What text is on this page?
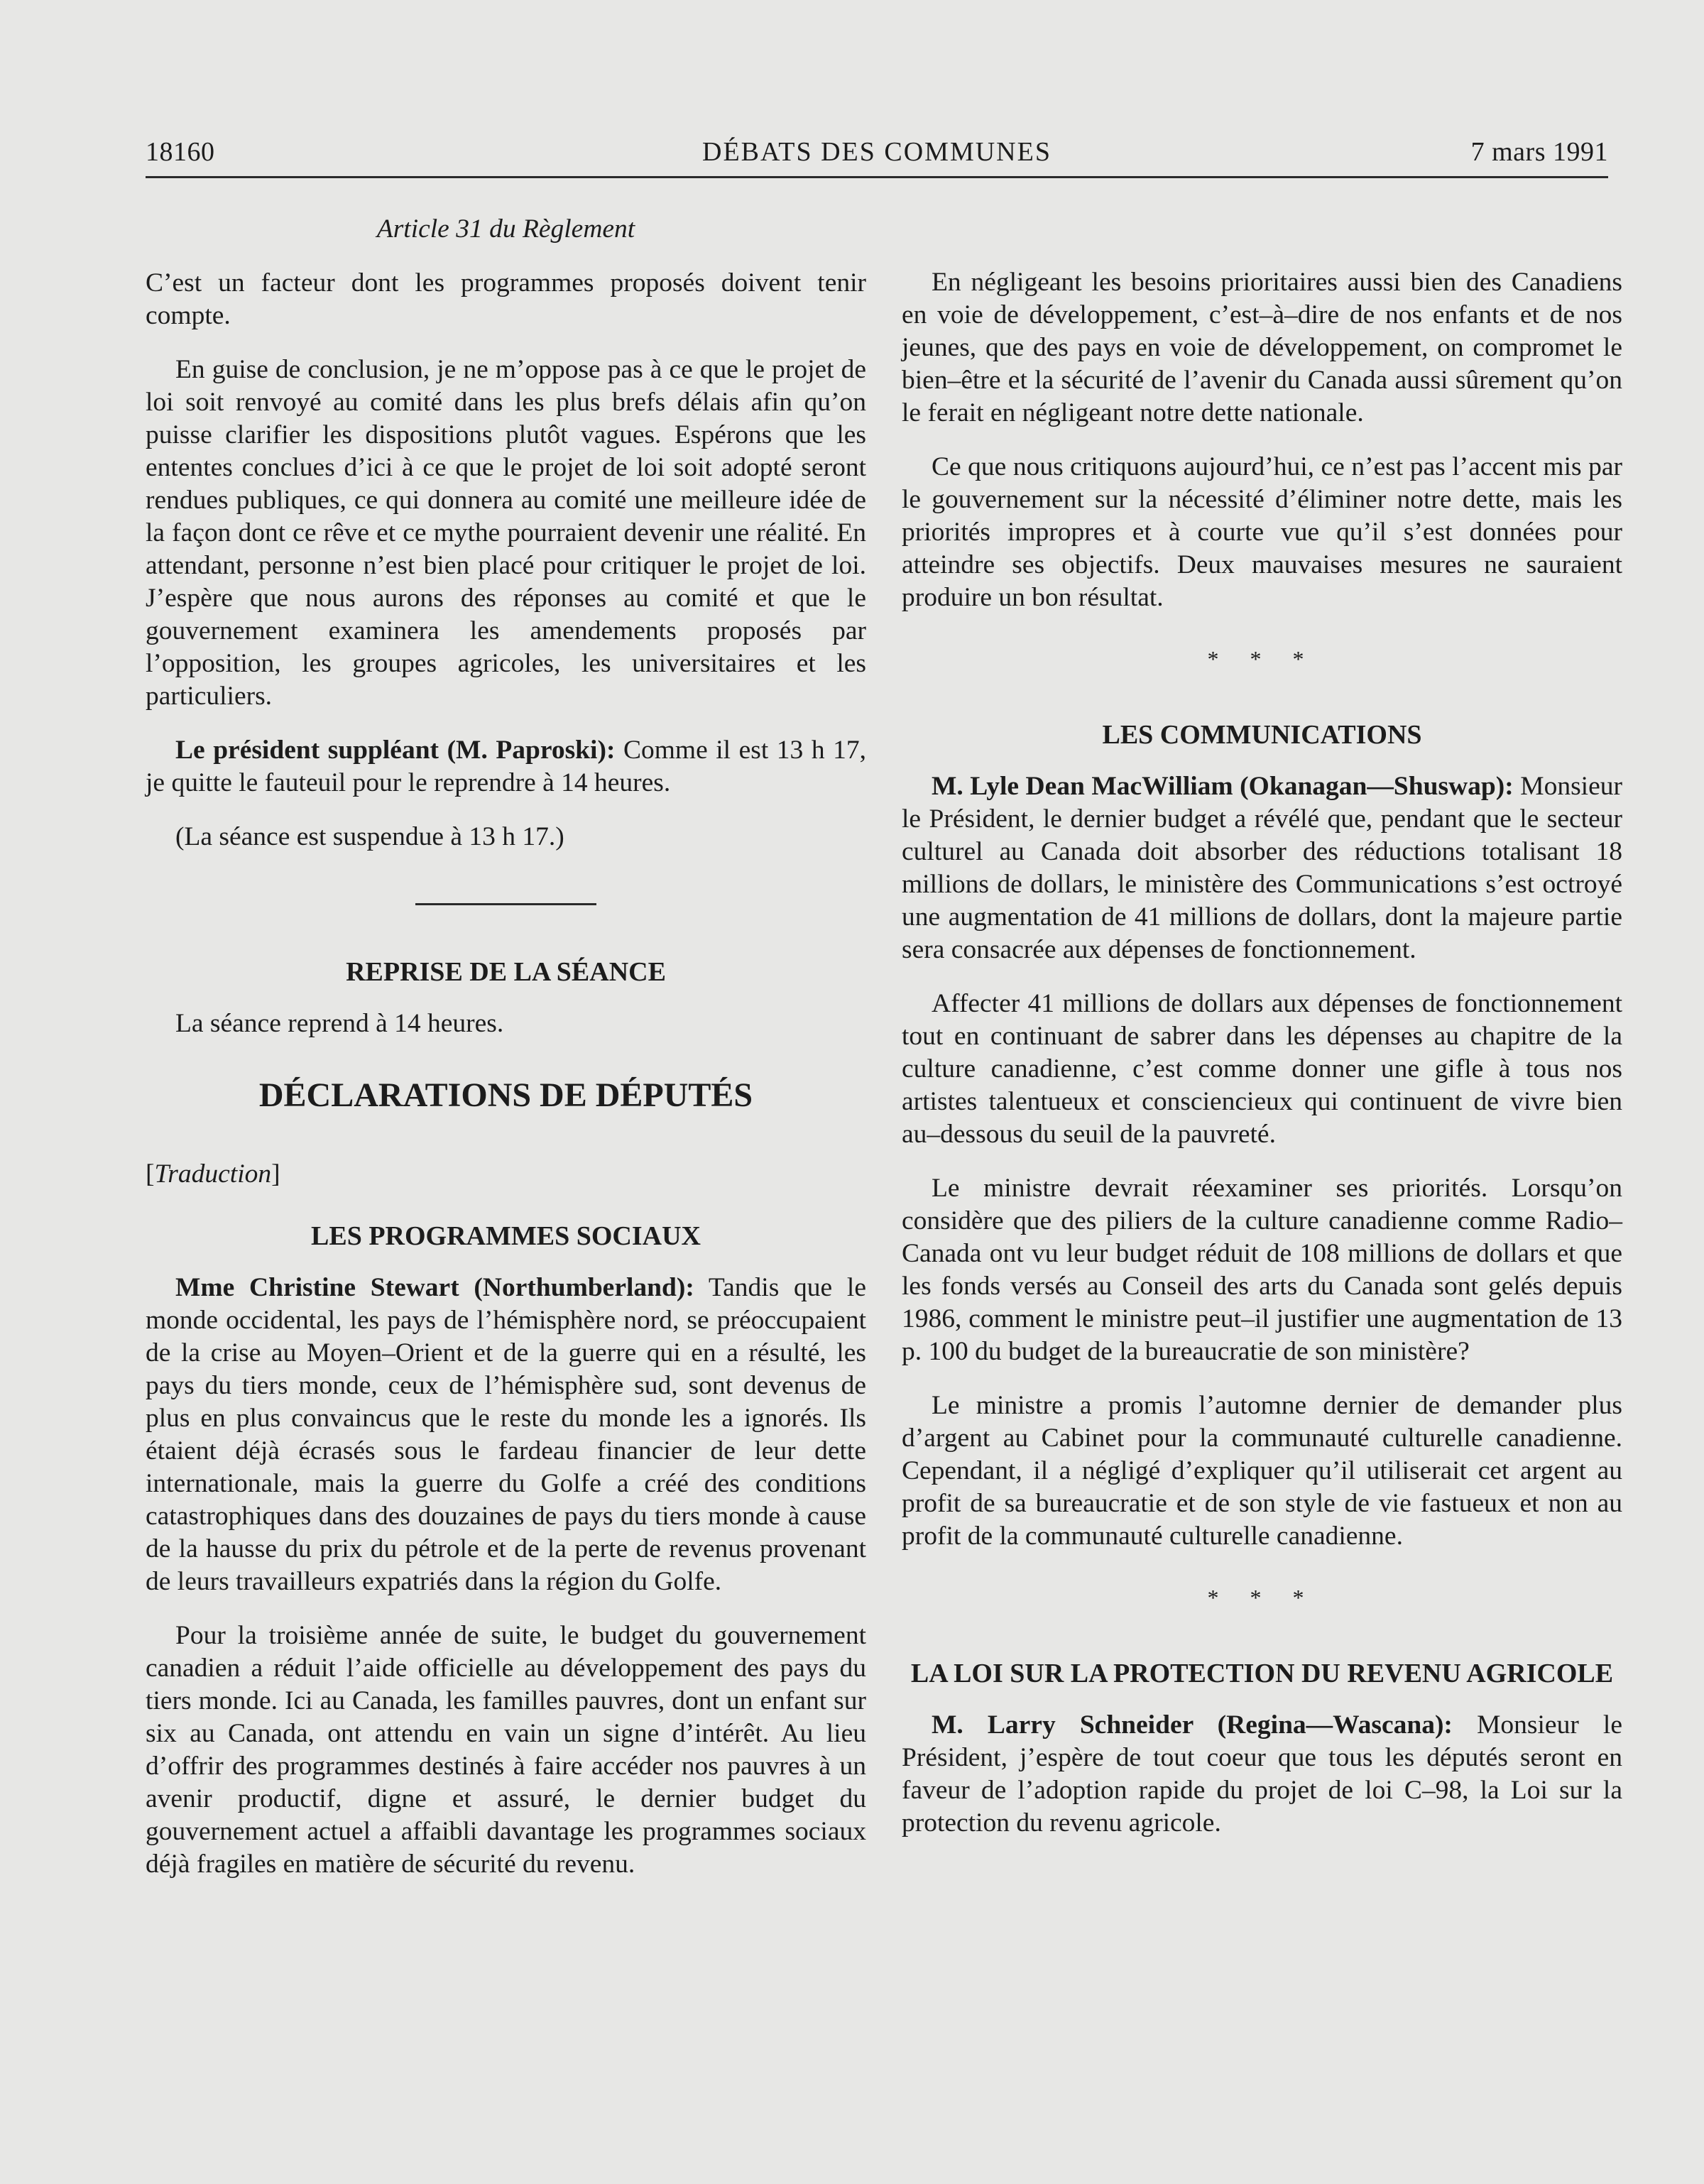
18160	DÉBATS DES COMMUNES	7 mars 1991
Article 31 du Règlement

C’est un facteur dont les programmes proposés doivent tenir compte.

En guise de conclusion, je ne m’oppose pas à ce que le projet de loi soit renvoyé au comité dans les plus brefs délais afin qu’on puisse clarifier les dispositions plutôt vagues. Espérons que les ententes conclues d’ici à ce que le projet de loi soit adopté seront rendues publiques, ce qui donnera au comité une meilleure idée de la façon dont ce rêve et ce mythe pourraient devenir une réalité. En attendant, personne n’est bien placé pour critiquer le projet de loi. J’espère que nous aurons des réponses au comité et que le gouvernement examinera les amendements proposés par l’opposition, les groupes agricoles, les universitaires et les particuliers.

Le président suppléant (M. Paproski): Comme il est 13 h 17, je quitte le fauteuil pour le reprendre à 14 heures.

(La séance est suspendue à 13 h 17.)

REPRISE DE LA SÉANCE

La séance reprend à 14 heures.

DÉCLARATIONS DE DÉPUTÉS
[Traduction]
LES PROGRAMMES SOCIAUX

Mme Christine Stewart (Northumberland): Tandis que le monde occidental, les pays de l’hémisphère nord, se préoccupaient de la crise au Moyen–Orient et de la guerre qui en a résulté, les pays du tiers monde, ceux de l’hémisphère sud, sont devenus de plus en plus convaincus que le reste du monde les a ignorés. Ils étaient déjà écrasés sous le fardeau financier de leur dette internationale, mais la guerre du Golfe a créé des conditions catastrophiques dans des douzaines de pays du tiers monde à cause de la hausse du prix du pétrole et de la perte de revenus provenant de leurs travailleurs expatriés dans la région du Golfe.

Pour la troisième année de suite, le budget du gouvernement canadien a réduit l’aide officielle au développement des pays du tiers monde. Ici au Canada, les familles pauvres, dont un enfant sur six au Canada, ont attendu en vain un signe d’intérêt. Au lieu d’offrir des programmes destinés à faire accéder nos pauvres à un avenir productif, digne et assuré, le dernier budget du gouvernement actuel a affaibli davantage les programmes sociaux déjà fragiles en matière de sécurité du revenu.

En négligeant les besoins prioritaires aussi bien des Canadiens en voie de développement, c’est–à–dire de nos enfants et de nos jeunes, que des pays en voie de développement, on compromet le bien–être et la sécurité de l’avenir du Canada aussi sûrement qu’on le ferait en négligeant notre dette nationale.

Ce que nous critiquons aujourd’hui, ce n’est pas l’accent mis par le gouvernement sur la nécessité d’éliminer notre dette, mais les priorités impropres et à courte vue qu’il s’est données pour atteindre ses objectifs. Deux mauvaises mesures ne sauraient produire un bon résultat.

* * *
LES COMMUNICATIONS

M. Lyle Dean MacWilliam (Okanagan—Shuswap): Monsieur le Président, le dernier budget a révélé que, pendant que le secteur culturel au Canada doit absorber des réductions totalisant 18 millions de dollars, le ministère des Communications s’est octroyé une augmentation de 41 millions de dollars, dont la majeure partie sera consacrée aux dépenses de fonctionnement.

Affecter 41 millions de dollars aux dépenses de fonctionnement tout en continuant de sabrer dans les dépenses au chapitre de la culture canadienne, c’est comme donner une gifle à tous nos artistes talentueux et consciencieux qui continuent de vivre bien au–dessous du seuil de la pauvreté.

Le ministre devrait réexaminer ses priorités. Lorsqu’on considère que des piliers de la culture canadienne comme Radio–Canada ont vu leur budget réduit de 108 millions de dollars et que les fonds versés au Conseil des arts du Canada sont gelés depuis 1986, comment le ministre peut–il justifier une augmentation de 13 p. 100 du budget de la bureaucratie de son ministère?

Le ministre a promis l’automne dernier de demander plus d’argent au Cabinet pour la communauté culturelle canadienne. Cependant, il a négligé d’expliquer qu’il utiliserait cet argent au profit de sa bureaucratie et de son style de vie fastueux et non au profit de la communauté culturelle canadienne.

* * *
LA LOI SUR LA PROTECTION DU REVENU AGRICOLE

M. Larry Schneider (Regina—Wascana): Monsieur le Président, j’espère de tout coeur que tous les députés seront en faveur de l’adoption rapide du projet de loi C–98, la Loi sur la protection du revenu agricole.
